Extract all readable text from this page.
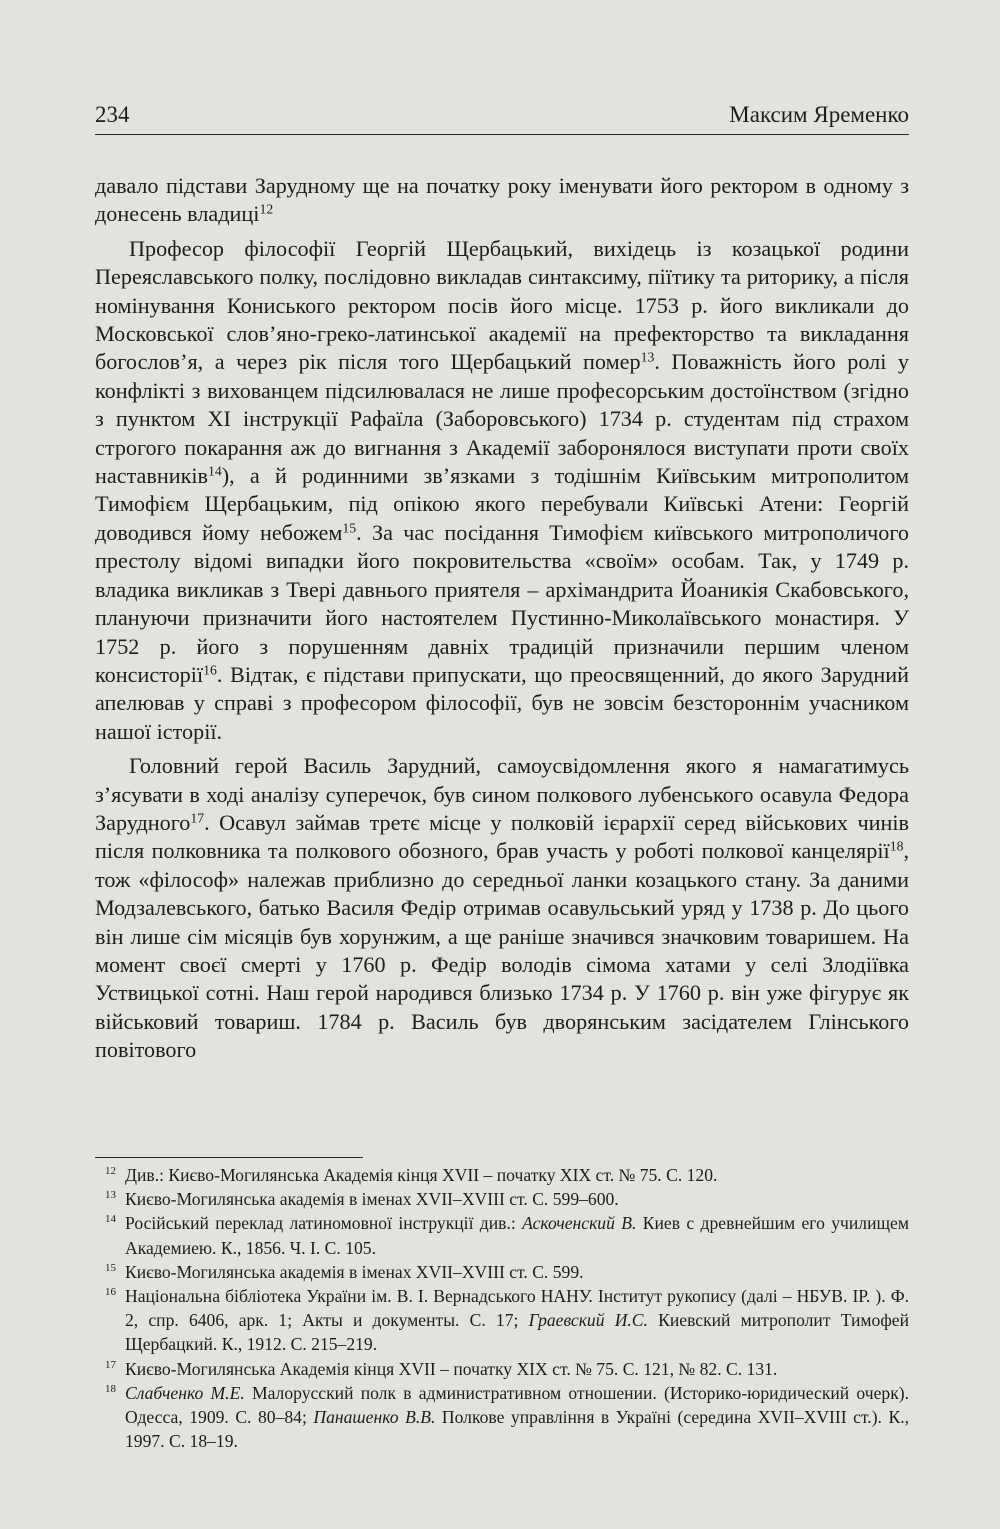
234	Максим Яременко

давало підстави Зарудному ще на початку року іменувати його ректором в одному з донесень владиці$^{12}$

Професор філософії Георгій Щербацький, вихідець із козацької родини Переяславського полку, послідовно викладав синтаксиму, піїтику та риторику, а після номінування Кониського ректором посів його місце. 1753 р. його викликали до Московської слов’яно-греко-латинської академії на префекторство та викладання богослов’я, а через рік після того Щербацький помер$^{13}$. Поважність його ролі у конфлікті з вихованцем підсилювалася не лише професорським достоїнством (згідно з пунктом XI інструкції Рафаїла (Заборовського) 1734 р. студентам під страхом строгого покарання аж до вигнання з Академії заборонялося виступати проти своїх наставників$^{14}$), а й родинними зв’язками з тодішнім Київським митрополитом Тимофієм Щербацьким, під опікою якого перебували Київські Атени: Георгій доводився йому небожем$^{15}$. За час посідання Тимофієм київського митрополичого престолу відомі випадки його покровительства «своїм» особам. Так, у 1749 р. владика викликав з Твері давнього приятеля – архімандрита Йоаникія Скабовського, плануючи призначити його настоятелем Пустинно-Миколаївського монастиря. У 1752 р. його з порушенням давніх традицій призначили першим членом консисторії$^{16}$. Відтак, є підстави припускати, що преосвященний, до якого Зарудний апелював у справі з професором філософії, був не зовсім безстороннім учасником нашої історії.

Головний герой Василь Зарудний, самоусвідомлення якого я намагатимусь з’ясувати в ході аналізу суперечок, був сином полкового лубенського осавула Федора Зарудного$^{17}$. Осавул займав третє місце у полковій ієрархії серед військових чинів після полковника та полкового обозного, брав участь у роботі полкової канцелярії$^{18}$, тож «філософ» належав приблизно до середньої ланки козацького стану. За даними Модзалевського, батько Василя Федір отримав осавульський уряд у 1738 р. До цього він лише сім місяців був хорунжим, а ще раніше значився значковим товаришем. На момент своєї смерті у 1760 р. Федір володів сімома хатами у селі Злодіївка Уствицької сотні. Наш герой народився близько 1734 р. У 1760 р. він уже фігурує як військовий товариш. 1784 р. Василь був дворянським засідателем Глінського повітового

12 Див.: Києво-Могилянська Академія кінця XVII – початку XIX ст. № 75. С. 120.
13 Києво-Могилянська академія в іменах XVII–XVIII ст. С. 599–600.
14 Російський переклад латиномовної інструкції див.: Аскоченский В. Киев с древнейшим его училищем Академиею. К., 1856. Ч. I. С. 105.
15 Києво-Могилянська академія в іменах XVII–XVIII ст. С. 599.
16 Національна бібліотека України ім. В. І. Вернадського НАНУ. Інститут рукопису (далі – НБУВ. ІР. ). Ф. 2, спр. 6406, арк. 1; Акты и документы. С. 17; Граевский И.С. Киевский митрополит Тимофей Щербацкий. К., 1912. С. 215–219.
17 Києво-Могилянська Академія кінця XVII – початку XIX ст. № 75. С. 121, № 82. С. 131.
18 Слабченко М.Е. Малорусский полк в административном отношении. (Историко-юридический очерк). Одесса, 1909. С. 80–84; Панашенко В.В. Полкове управління в Україні (середина XVII–XVIII ст.). К., 1997. С. 18–19.
